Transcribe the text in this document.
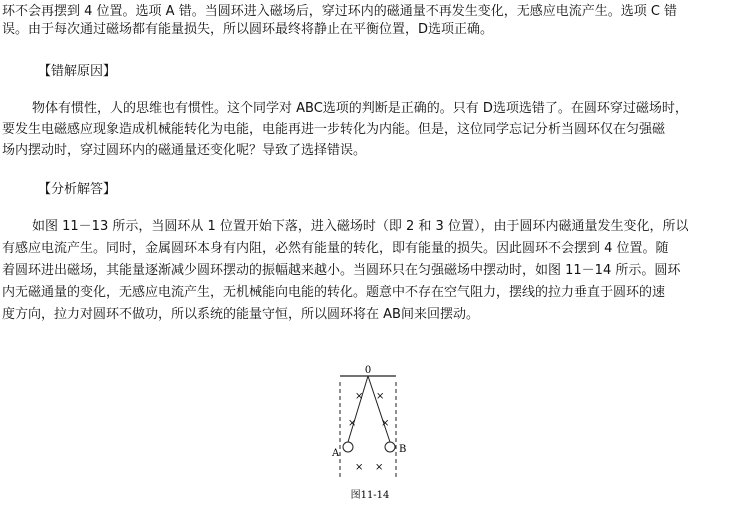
环不会再摆到 4 位置。选项 A 错。当圆环进入磁场后，穿过环内的磁通量不再发生变化，无感应电流产生。选项 C 错
误。由于每次通过磁场都有能量损失，所以圆环最终将静止在平衡位置，D选项正确。
【错解原因】
物体有惯性，人的思维也有惯性。这个同学对 ABC选项的判断是正确的。只有 D选项选错了。在圆环穿过磁场时，
要发生电磁感应现象造成机械能转化为电能，电能再进一步转化为内能。但是，这位同学忘记分析当圆环仅在匀强磁
场内摆动时，穿过圆环内的磁通量还变化呢？导致了选择错误。
【分析解答】
如图 11－13 所示，当圆环从 1 位置开始下落，进入磁场时（即 2 和 3 位置），由于圆环内磁通量发生变化，所以
有感应电流产生。同时，金属圆环本身有内阻，必然有能量的转化，即有能量的损失。因此圆环不会摆到 4 位置。随
着圆环进出磁场，其能量逐渐减少圆环摆动的振幅越来越小。当圆环只在匀强磁场中摆动时，如图 11－14 所示。圆环
内无磁通量的变化，无感应电流产生，无机械能向电能的转化。题意中不存在空气阻力，摆线的拉力垂直于圆环的速
度方向，拉力对圆环不做功，所以系统的能量守恒，所以圆环将在 AB间来回摆动。
0
A	B
× ×
× ×
× ×
图11-14
